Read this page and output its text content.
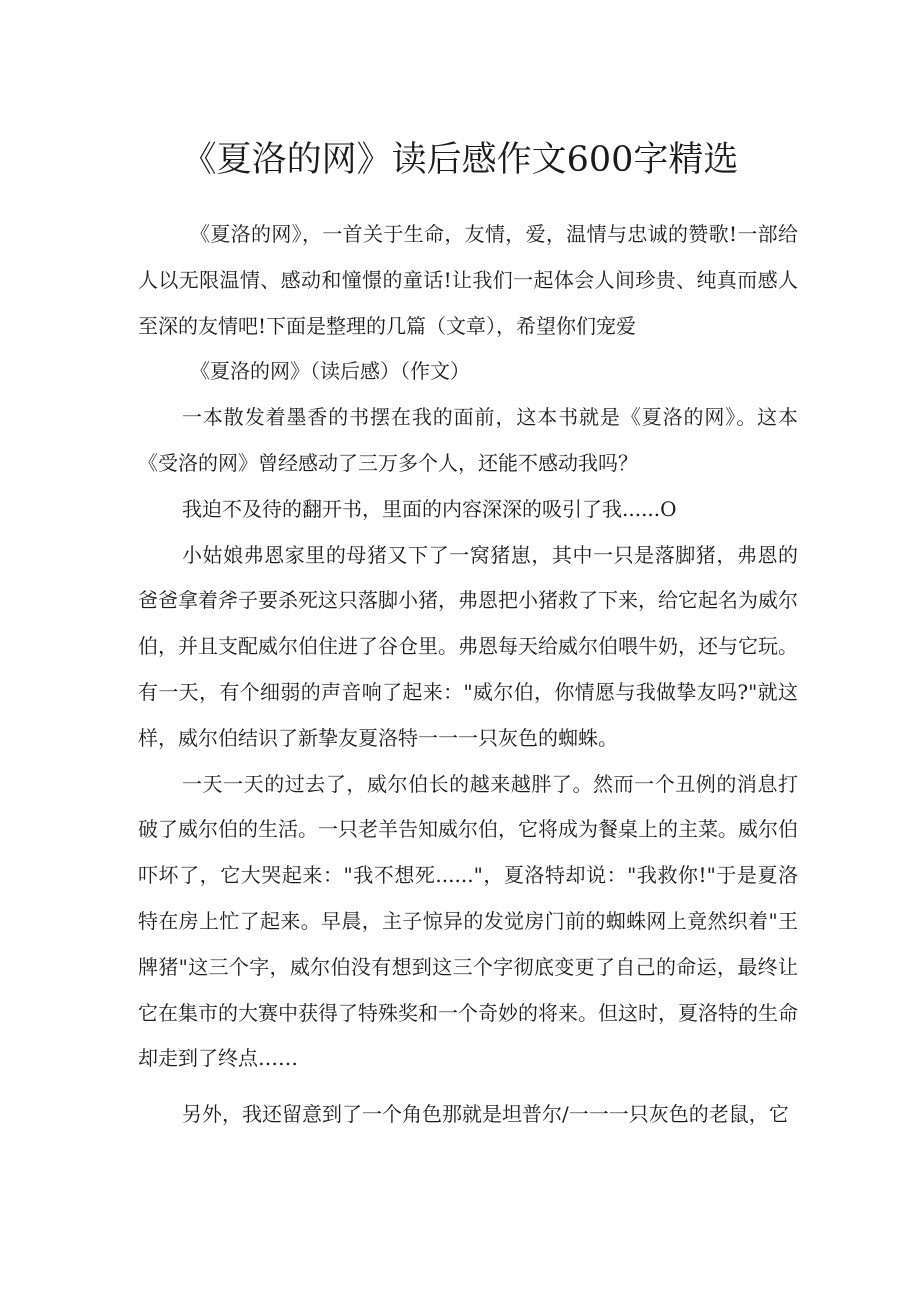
《夏洛的网》读后感作文600字精选

《夏洛的网》，一首关于生命，友情，爱，温情与忠诚的赞歌!一部给人以无限温情、感动和憧憬的童话!让我们一起体会人间珍贵、纯真而感人至深的友情吧!下面是整理的几篇（文章），希望你们宠爱

《夏洛的网》（读后感）（作文）

一本散发着墨香的书摆在我的面前，这本书就是《夏洛的网》。这本《受洛的网》曾经感动了三万多个人，还能不感动我吗？

我迫不及待的翻开书，里面的内容深深的吸引了我......O

小姑娘弗恩家里的母猪又下了一窝猪崽，其中一只是落脚猪，弗恩的爸爸拿着斧子要杀死这只落脚小猪，弗恩把小猪救了下来，给它起名为威尔伯，并且支配威尔伯住进了谷仓里。弗恩每天给威尔伯喂牛奶，还与它玩。有一天，有个细弱的声音响了起来："威尔伯，你情愿与我做挚友吗?"就这样，威尔伯结识了新挚友夏洛特一一一只灰色的蜘蛛。

一天一天的过去了，威尔伯长的越来越胖了。然而一个丑例的消息打破了威尔伯的生活。一只老羊告知威尔伯，它将成为餐桌上的主菜。威尔伯吓坏了，它大哭起来："我不想死......"，夏洛特却说："我救你!"于是夏洛特在房上忙了起来。早晨，主子惊异的发觉房门前的蜘蛛网上竟然织着"王牌猪"这三个字，威尔伯没有想到这三个字彻底变更了自己的命运，最终让它在集市的大赛中获得了特殊奖和一个奇妙的将来。但这时，夏洛特的生命却走到了终点……

另外，我还留意到了一个角色那就是坦普尔/一一一只灰色的老鼠，它
